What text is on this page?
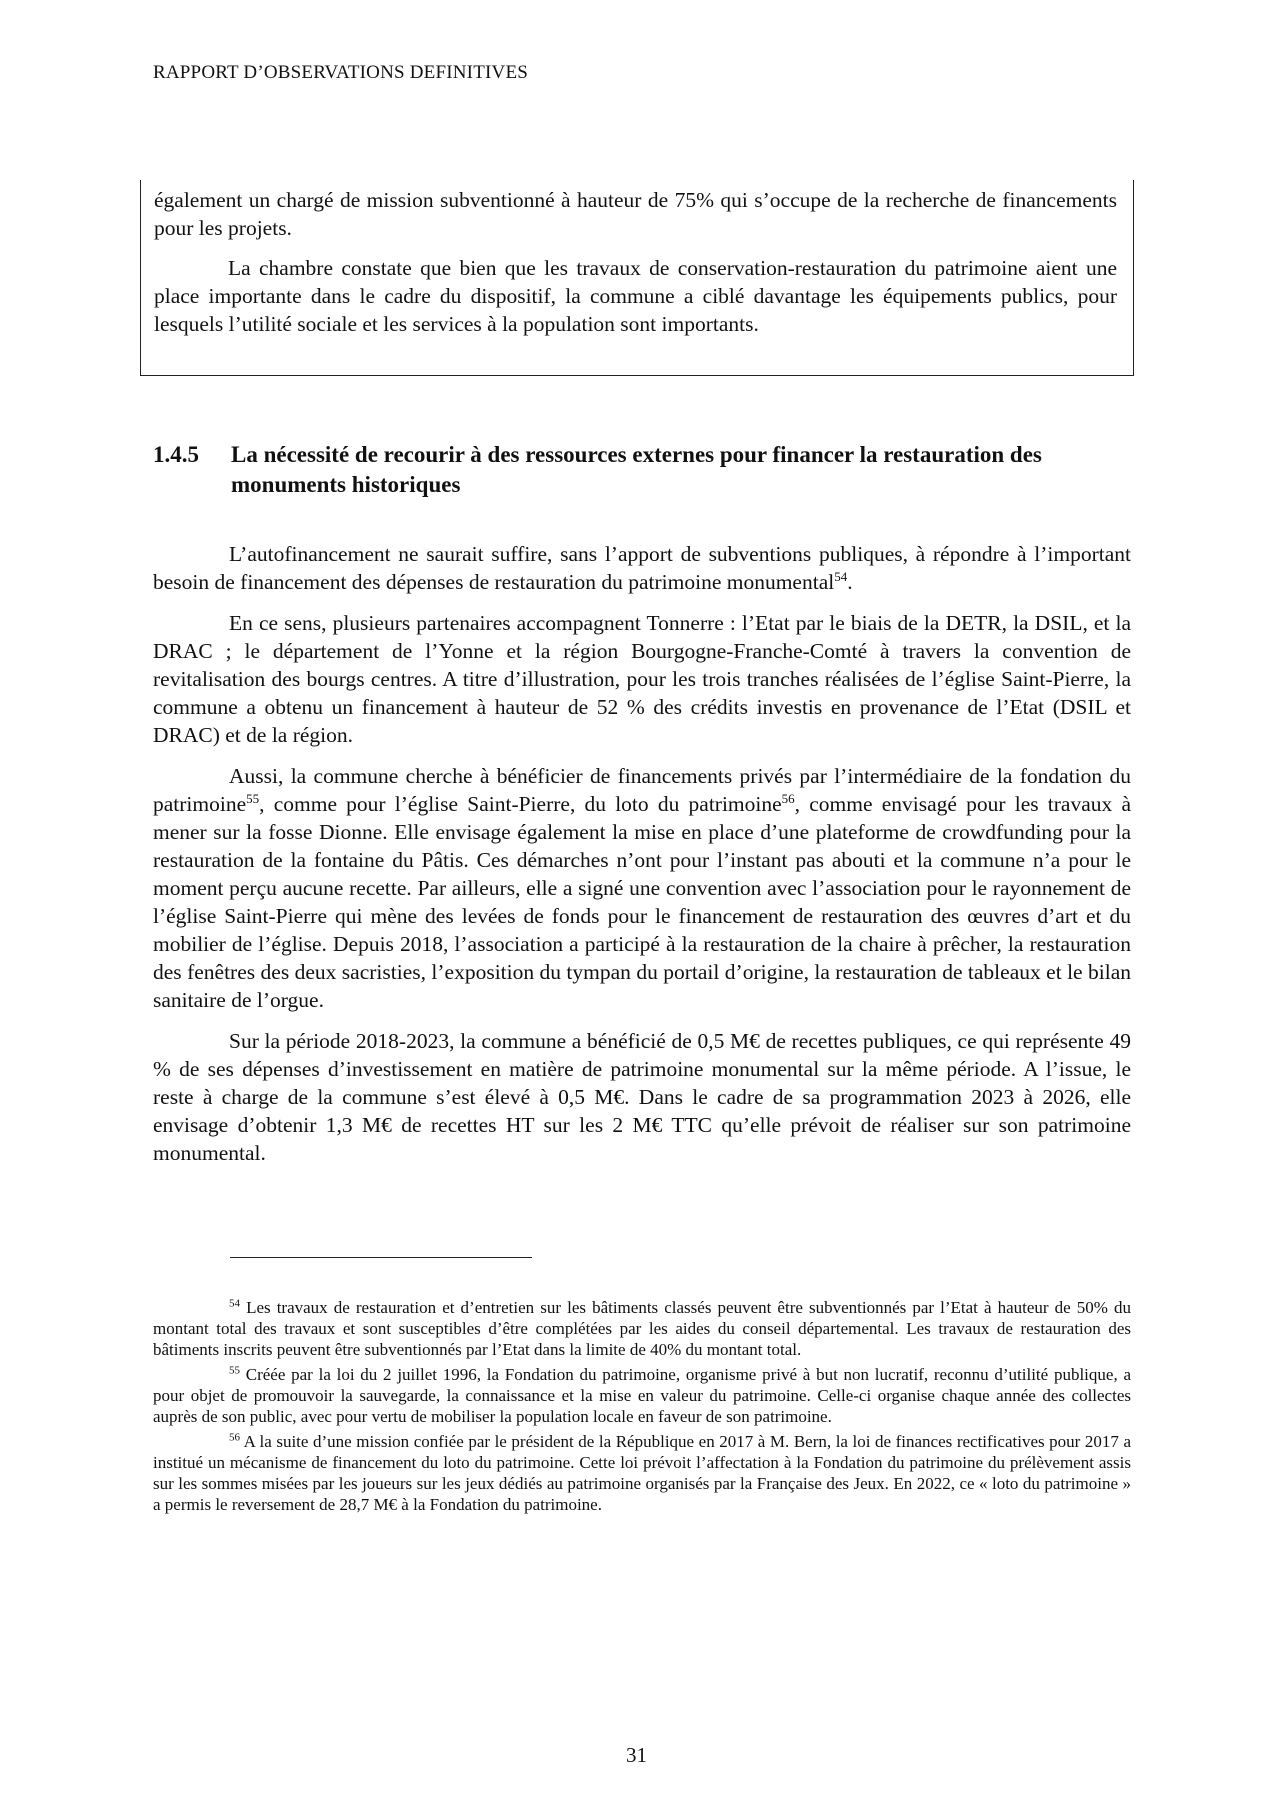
RAPPORT D’OBSERVATIONS DEFINITIVES

également un chargé de mission subventionné à hauteur de 75% qui s’occupe de la recherche de financements pour les projets.

La chambre constate que bien que les travaux de conservation-restauration du patrimoine aient une place importante dans le cadre du dispositif, la commune a ciblé davantage les équipements publics, pour lesquels l’utilité sociale et les services à la population sont importants.

1.4.5	La nécessité de recourir à des ressources externes pour financer la restauration des monuments historiques

L’autofinancement ne saurait suffire, sans l’apport de subventions publiques, à répondre à l’important besoin de financement des dépenses de restauration du patrimoine monumental$^{54}$.

En ce sens, plusieurs partenaires accompagnent Tonnerre : l’Etat par le biais de la DETR, la DSIL, et la DRAC ; le département de l’Yonne et la région Bourgogne-Franche-Comté à travers la convention de revitalisation des bourgs centres. A titre d’illustration, pour les trois tranches réalisées de l’église Saint-Pierre, la commune a obtenu un financement à hauteur de 52 % des crédits investis en provenance de l’Etat (DSIL et DRAC) et de la région.

Aussi, la commune cherche à bénéficier de financements privés par l’intermédiaire de la fondation du patrimoine$^{55}$, comme pour l’église Saint-Pierre, du loto du patrimoine$^{56}$, comme envisagé pour les travaux à mener sur la fosse Dionne. Elle envisage également la mise en place d’une plateforme de crowdfunding pour la restauration de la fontaine du Pâtis. Ces démarches n’ont pour l’instant pas abouti et la commune n’a pour le moment perçu aucune recette. Par ailleurs, elle a signé une convention avec l’association pour le rayonnement de l’église Saint-Pierre qui mène des levées de fonds pour le financement de restauration des œuvres d’art et du mobilier de l’église. Depuis 2018, l’association a participé à la restauration de la chaire à prêcher, la restauration des fenêtres des deux sacristies, l’exposition du tympan du portail d’origine, la restauration de tableaux et le bilan sanitaire de l’orgue.

Sur la période 2018-2023, la commune a bénéficié de 0,5 M€ de recettes publiques, ce qui représente 49 % de ses dépenses d’investissement en matière de patrimoine monumental sur la même période. A l’issue, le reste à charge de la commune s’est élevé à 0,5 M€. Dans le cadre de sa programmation 2023 à 2026, elle envisage d’obtenir 1,3 M€ de recettes HT sur les 2 M€ TTC qu’elle prévoit de réaliser sur son patrimoine monumental.

$^{54}$ Les travaux de restauration et d’entretien sur les bâtiments classés peuvent être subventionnés par l’Etat à hauteur de 50% du montant total des travaux et sont susceptibles d’être complétées par les aides du conseil départemental. Les travaux de restauration des bâtiments inscrits peuvent être subventionnés par l’Etat dans la limite de 40% du montant total.

$^{55}$ Créée par la loi du 2 juillet 1996, la Fondation du patrimoine, organisme privé à but non lucratif, reconnu d’utilité publique, a pour objet de promouvoir la sauvegarde, la connaissance et la mise en valeur du patrimoine. Celle-ci organise chaque année des collectes auprès de son public, avec pour vertu de mobiliser la population locale en faveur de son patrimoine.

$^{56}$ A la suite d’une mission confiée par le président de la République en 2017 à M. Bern, la loi de finances rectificatives pour 2017 a institué un mécanisme de financement du loto du patrimoine. Cette loi prévoit l’affectation à la Fondation du patrimoine du prélèvement assis sur les sommes misées par les joueurs sur les jeux dédiés au patrimoine organisés par la Française des Jeux. En 2022, ce « loto du patrimoine » a permis le reversement de 28,7 M€ à la Fondation du patrimoine.

31
